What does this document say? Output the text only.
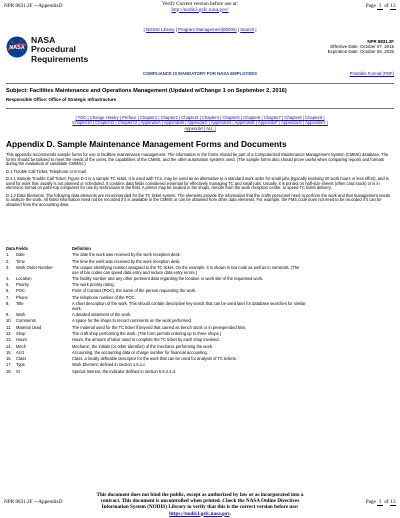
NPR 8831.2F -- AppendixD	Verify Current version before use at:
http://nodis3.gsfc.nasa.gov/
Page 1 of 13
| NODIS Library | Program Management(8000s) | Search |
NASA
NASA
Procedural
Requirements
NPR 8831.2F
Effective Date: October 07, 2015
Expiration Date: October 06, 2025
COMPLIANCE IS MANDATORY FOR NASA EMPLOYEES	Printable Format (PDF)
Subject: Facilities Maintenance and Operations Management (Updated w/Change 1 on September 2, 2016)
Responsible Office: Office of Strategic Infrastructure
| TOC | Change History | Preface | Chapter1 | Chapter2 | Chapter3 | Chapter4 | Chapter5 | Chapter6 | Chapter7 | Chapter8 | Chapter9 |
Chapter10 | Chapter11 | Chapter12 | AppendixA | AppendixB | AppendixC | AppendixD | AppendixE | AppendixF | AppendixG | AppendixH |
AppendixI | ALL |
Appendix D. Sample Maintenance Management Forms and Documents

This appendix recommends sample forms for use in facilities maintenance management. The information in the forms should be part of a Computerized Maintenance Management System (CMMS) database. The forms should be tailored to meet the needs of the users, the capabilities of the CMMS, and the other automation systems used. (The sample forms also should prove useful when comparing reports and formats during the evaluation of candidate CMMSs.)

D.1 Trouble Call Ticket, Telephone or E-mail

D.1.1 Sample Trouble Call Ticket. Figure D-1 is a sample TC ticket. It is used with TCs, may be used as an alternative to a standard work order for small jobs (typically involving 20 work hours or less effort), and is used for work that usually is not planned or scheduled. It contains data fields considered essential for effectively managing TC and small jobs. Usually, it is printed on half-size sheets (often card stock) or is in electronic format on palm-top computers for use by technicians in the field. A printer may be located in the shops, remote from the work reception center, to speed TC ticket delivery.

D.1.2 Data Elements. The following data elements are recommended for the TC ticket system. The elements provide the information that the crafts personnel need to perform the work and that management needs to analyze the work. All listed information need not be recorded if it is available in the CMMS or can be obtained from other data elements. For example, the FMS code does not need to be recorded if it can be obtained from the accounting data.

Data Fields		Definition
1.	Date	The date the work was received by the work reception desk.
2.	Time	The time the work was received by the work reception desk.
3.	Work Order Number	The unique identifying number assigned to the TC ticket. On the example, it is shown in bar code as well as in numerals. (The use of bar codes can speed data entry and reduce data entry errors.)
4.	Location	The facility number and any other pertinent data regarding the location or work site of the requested work.
5.	Priority	The work priority rating.
6.	POC	Point of Contact (POC), the name of the person requesting the work.
7.	Phone	The telephone number of the POC.
8.	Title	A short description of the work. This should contain descriptive key words that can be used later for database searches for similar work.
9.	Work	A detailed statement of the work.
10.	Comments	A space for the shops to record comments on the work performed.
11.	Material Used	The material used for the TC ticket if beyond that carried as bench stock or in preexpended bins.
12.	Shop	The craft shop performing the work. (The form permits entering up to three shops.)
13.	Hours	Hours, the amount of labor used to complete the TC ticket by each shop involved.
14.	Mech	Mechanic, the initials (or other identifier) of the mechanic performing the work.
15.	Acct	Accounting, the accounting data or charge number for financial accounting.
16.	Class	Class, a locally definable descriptor for the work that can be used for analysis of TC tickets.
17.	Type	Work Element; defined in section 1.5.1.c
18.	SI	Special Interest, the indicator defined in section 5.5.4.3.d.
NPR 8831.2F -- AppendixD
This document does not bind the public, except as authorized by law or as incorporated into a contract. This document is uncontrolled when printed. Check the NASA Online Directives Information System (NODIS) Library to verify that this is the correct version before use: https://nodis3.gsfc.nasa.gov.
Page 1 of 13
